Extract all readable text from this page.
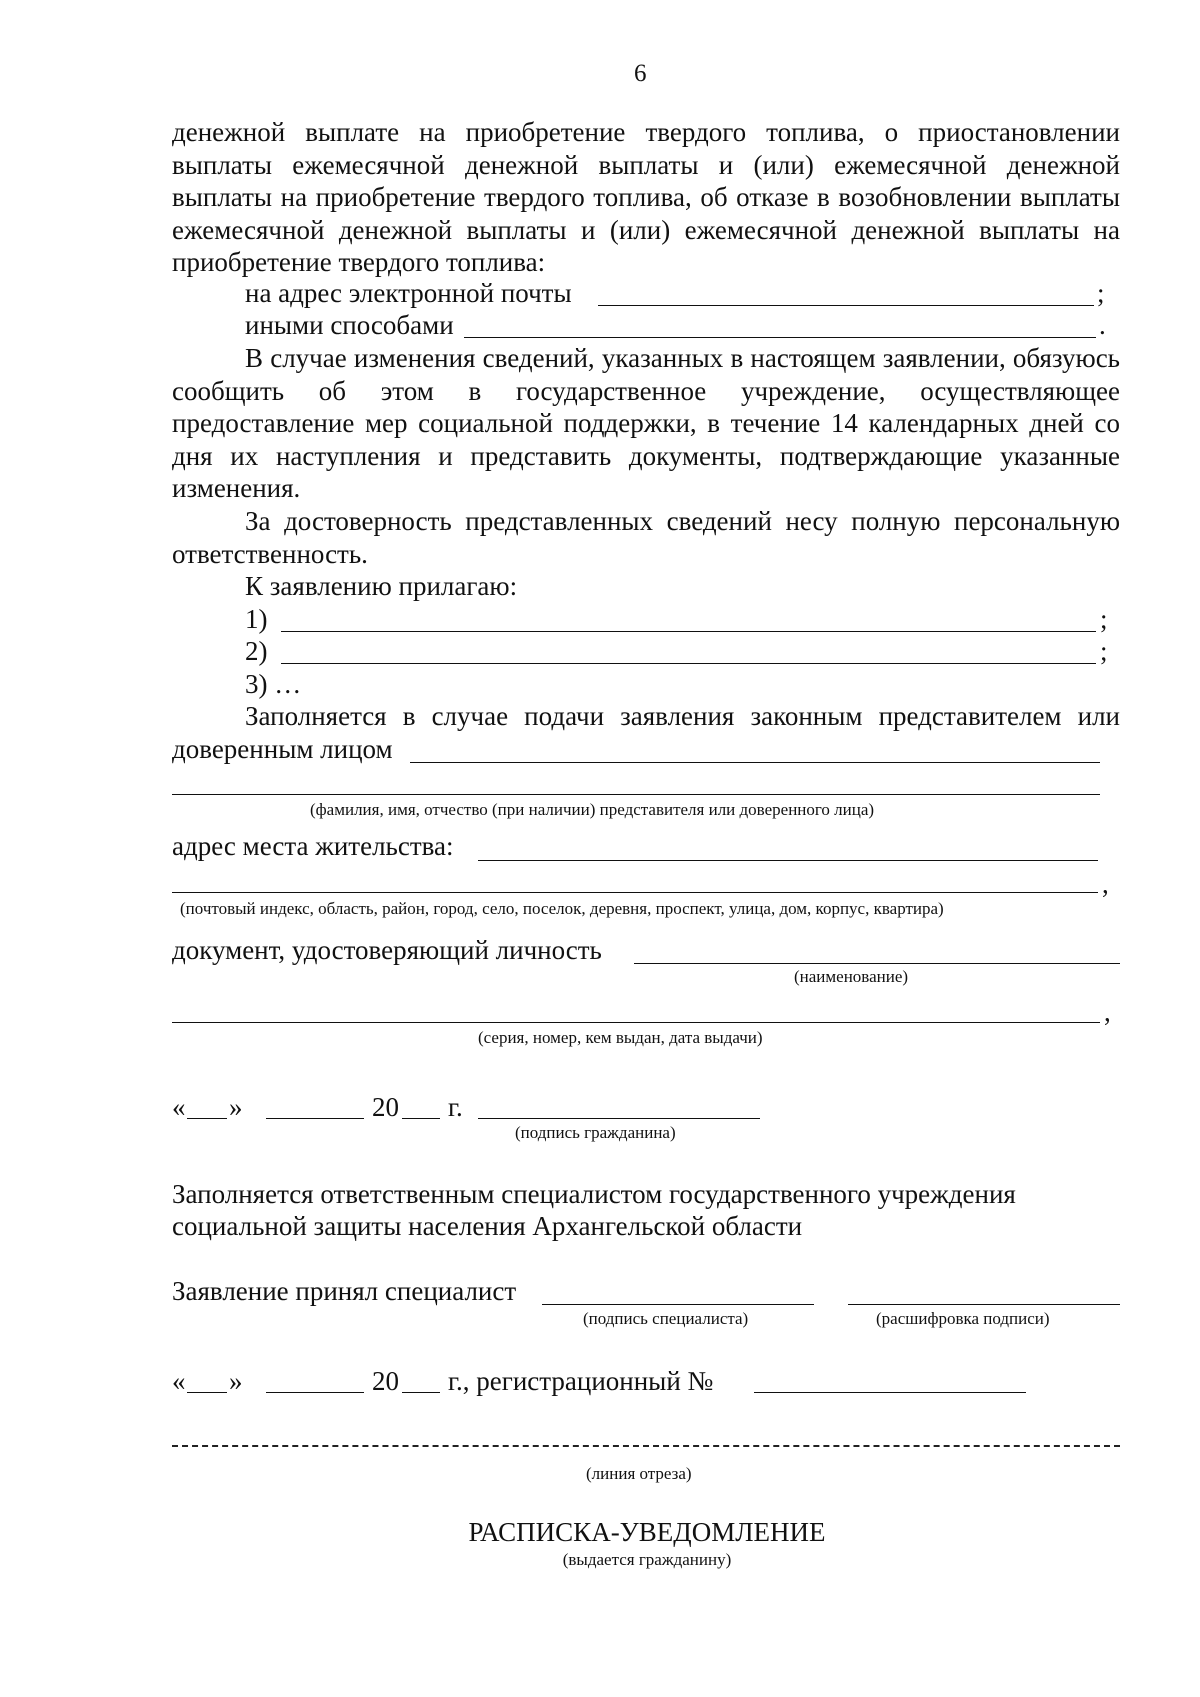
6

денежной выплате на приобретение твердого топлива, о приостановлении выплаты ежемесячной денежной выплаты и (или) ежемесячной денежной выплаты на приобретение твердого топлива, об отказе в возобновлении выплаты ежемесячной денежной выплаты и (или) ежемесячной денежной выплаты на приобретение твердого топлива:

на адрес электронной почты	;
иными способами	.

В случае изменения сведений, указанных в настоящем заявлении, обязуюсь сообщить об этом в государственное учреждение, осуществляющее предоставление мер социальной поддержки, в течение 14 календарных дней со дня их наступления и представить документы, подтверждающие указанные изменения.

За достоверность представленных сведений несу полную персональную ответственность.

К заявлению прилагаю:
1)	;
2)	;
3) …

Заполняется в случае подачи заявления законным представителем или

доверенным лицом
(фамилия, имя, отчество (при наличии) представителя или доверенного лица)
адрес места жительства:
,
(почтовый индекс, область, район, город, село, поселок, деревня, проспект, улица, дом, корпус, квартира)
документ, удостоверяющий личность
(наименование)
,
(серия, номер, кем выдан, дата выдачи)
« »	20 г.
(подпись гражданина)
Заполняется ответственным специалистом государственного учреждения
социальной защиты населения Архангельской области
Заявление принял специалист
(подпись специалиста)	(расшифровка подписи)
« »	20 г., регистрационный №
(линия отреза)
РАСПИСКА-УВЕДОМЛЕНИЕ
(выдается гражданину)
